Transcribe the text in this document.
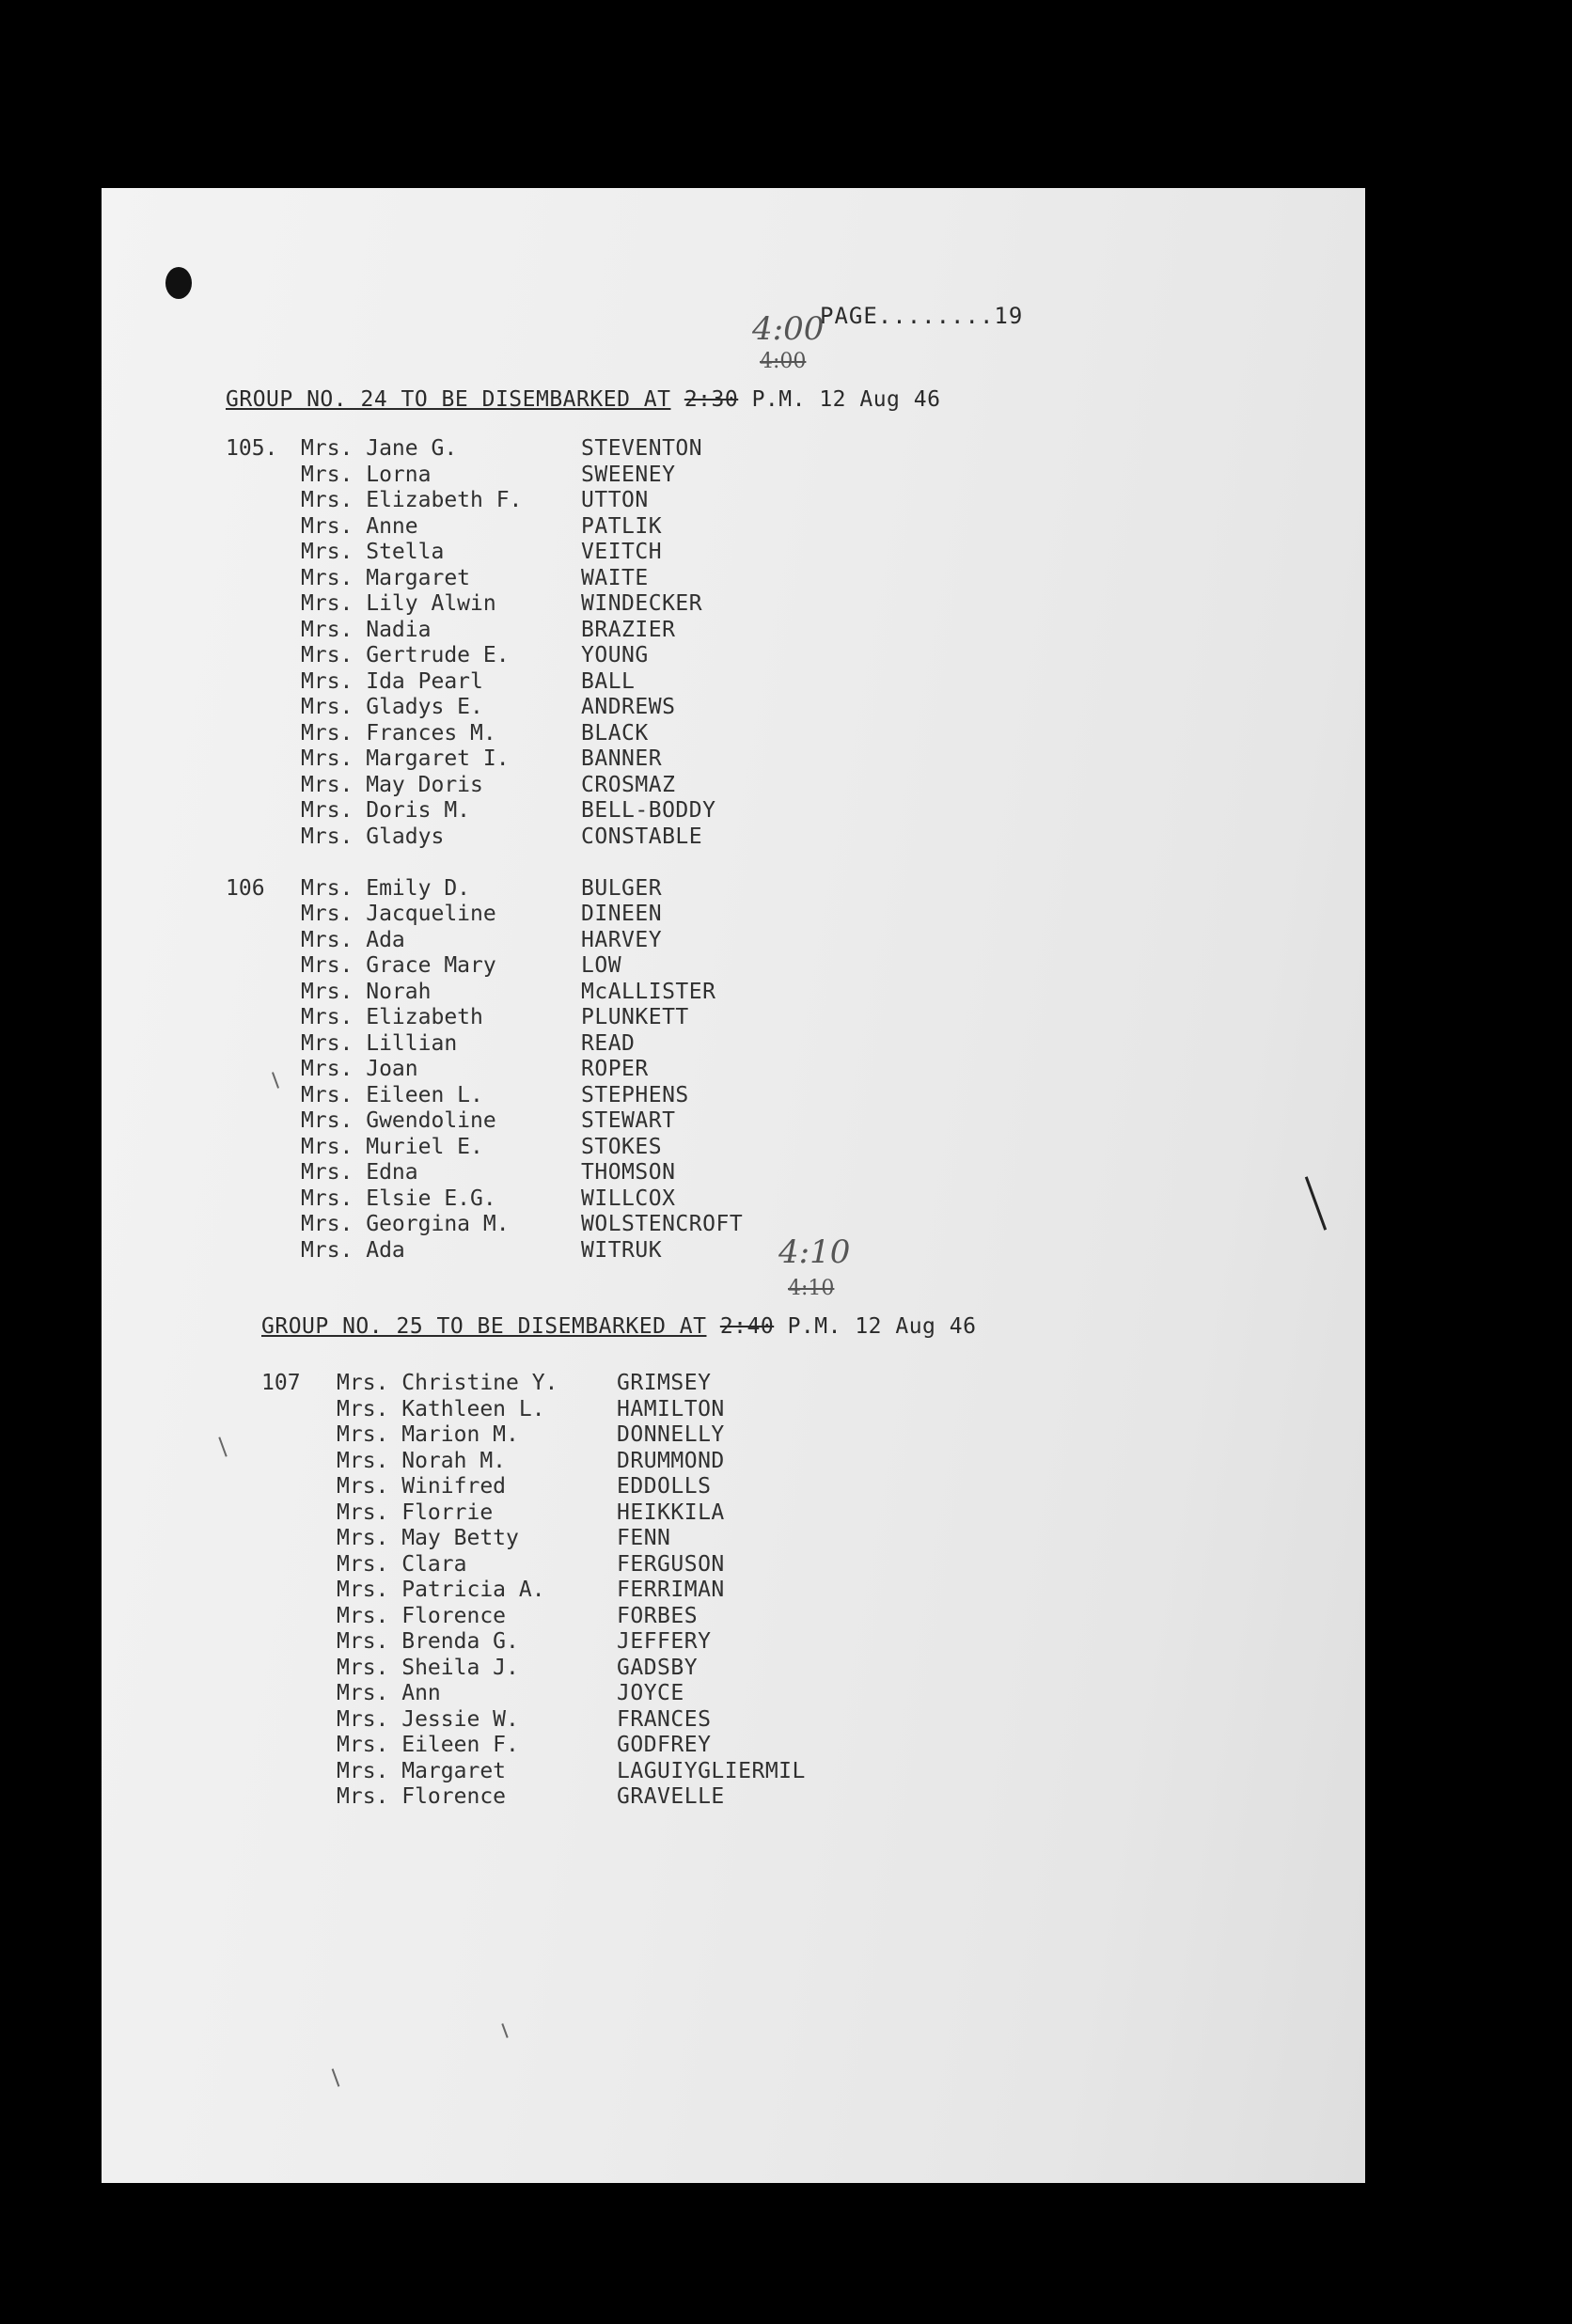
PAGE........19
4:00
4:00
GROUP NO. 24 TO BE DISEMBARKED AT 2:30 P.M. 12 Aug 46
105. Mrs. Jane G.	STEVENTON
Mrs. Lorna	SWEENEY
Mrs. Elizabeth F.	UTTON
Mrs. Anne	PATLIK
Mrs. Stella	VEITCH
Mrs. Margaret	WAITE
Mrs. Lily Alwin	WINDECKER
Mrs. Nadia	BRAZIER
Mrs. Gertrude E.	YOUNG
Mrs. Ida Pearl	BALL
Mrs. Gladys E.	ANDREWS
Mrs. Frances M.	BLACK
Mrs. Margaret I.	BANNER
Mrs. May Doris	CROSMAZ
Mrs. Doris M.	BELL-BODDY
Mrs. Gladys	CONSTABLE
106 Mrs. Emily D.	BULGER
Mrs. Jacqueline	DINEEN
Mrs. Ada	HARVEY
Mrs. Grace Mary	LOW
Mrs. Norah	McALLISTER
Mrs. Elizabeth	PLUNKETT
Mrs. Lillian	READ
Mrs. Joan	ROPER
Mrs. Eileen L.	STEPHENS
Mrs. Gwendoline	STEWART
Mrs. Muriel E.	STOKES
Mrs. Edna	THOMSON
Mrs. Elsie E.G.	WILLCOX
Mrs. Georgina M.	WOLSTENCROFT
Mrs. Ada	WITRUK	4:10
4:10
GROUP NO. 25 TO BE DISEMBARKED AT 2:40 P.M. 12 Aug 46
107 Mrs. Christine Y.	GRIMSEY
Mrs. Kathleen L.	HAMILTON
Mrs. Marion M.	DONNELLY
Mrs. Norah M.	DRUMMOND
Mrs. Winifred	EDDOLLS
Mrs. Florrie	HEIKKILA
Mrs. May Betty	FENN
Mrs. Clara	FERGUSON
Mrs. Patricia A.	FERRIMAN
Mrs. Florence	FORBES
Mrs. Brenda G.	JEFFERY
Mrs. Sheila J.	GADSBY
Mrs. Ann	JOYCE
Mrs. Jessie W.	FRANCES
Mrs. Eileen F.	GODFREY
Mrs. Margaret	LAGUIYGLIERMIL
Mrs. Florence	GRAVELLE
